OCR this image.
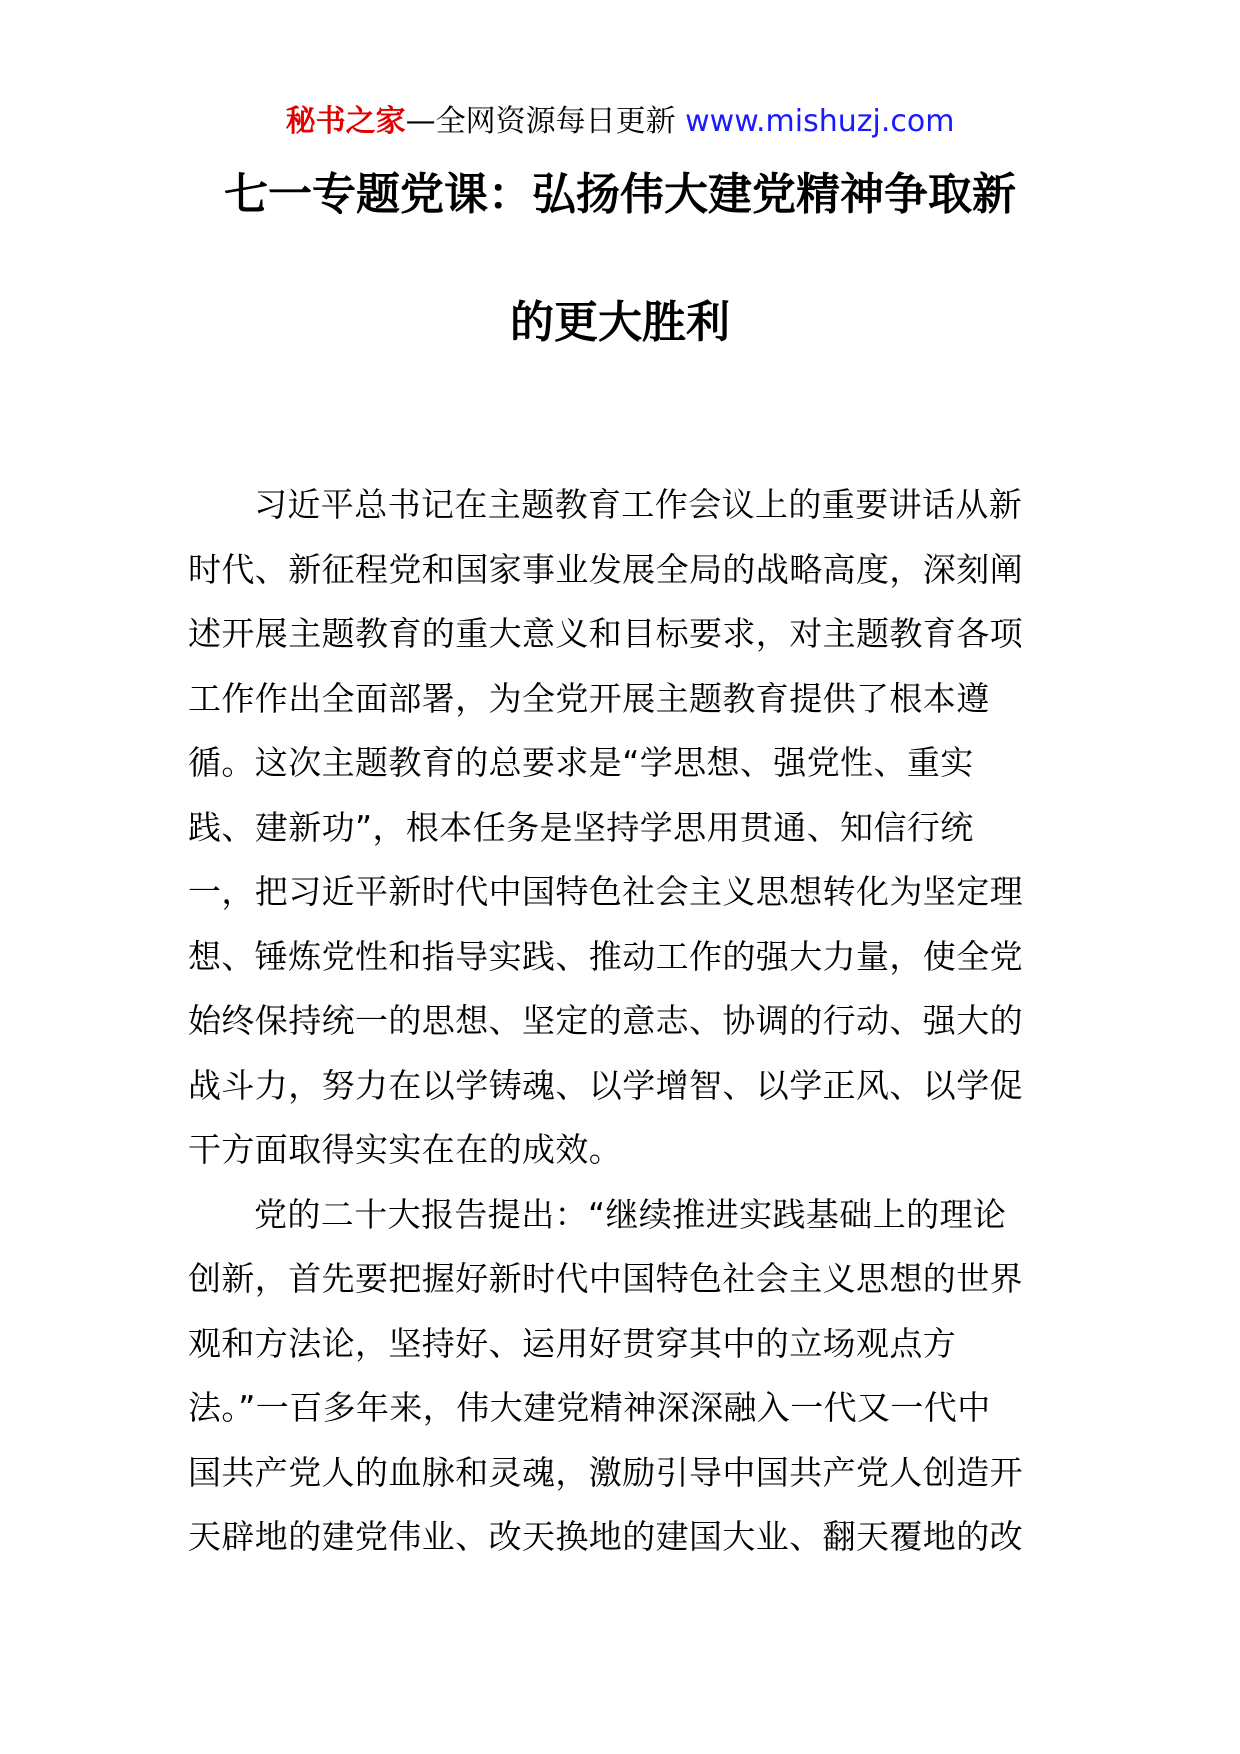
秘书之家—全网资源每日更新 www.mishuzj.com
七一专题党课：弘扬伟大建党精神争取新
的更大胜利
习近平总书记在主题教育工作会议上的重要讲话从新
时代、新征程党和国家事业发展全局的战略高度，深刻阐
述开展主题教育的重大意义和目标要求，对主题教育各项
工作作出全面部署，为全党开展主题教育提供了根本遵
循。这次主题教育的总要求是“学思想、强党性、重实
践、建新功”，根本任务是坚持学思用贯通、知信行统
一，把习近平新时代中国特色社会主义思想转化为坚定理
想、锤炼党性和指导实践、推动工作的强大力量，使全党
始终保持统一的思想、坚定的意志、协调的行动、强大的
战斗力，努力在以学铸魂、以学增智、以学正风、以学促
干方面取得实实在在的成效。
党的二十大报告提出：“继续推进实践基础上的理论
创新，首先要把握好新时代中国特色社会主义思想的世界
观和方法论，坚持好、运用好贯穿其中的立场观点方
法。”一百多年来，伟大建党精神深深融入一代又一代中
国共产党人的血脉和灵魂，激励引导中国共产党人创造开
天辟地的建党伟业、改天换地的建国大业、翻天覆地的改
